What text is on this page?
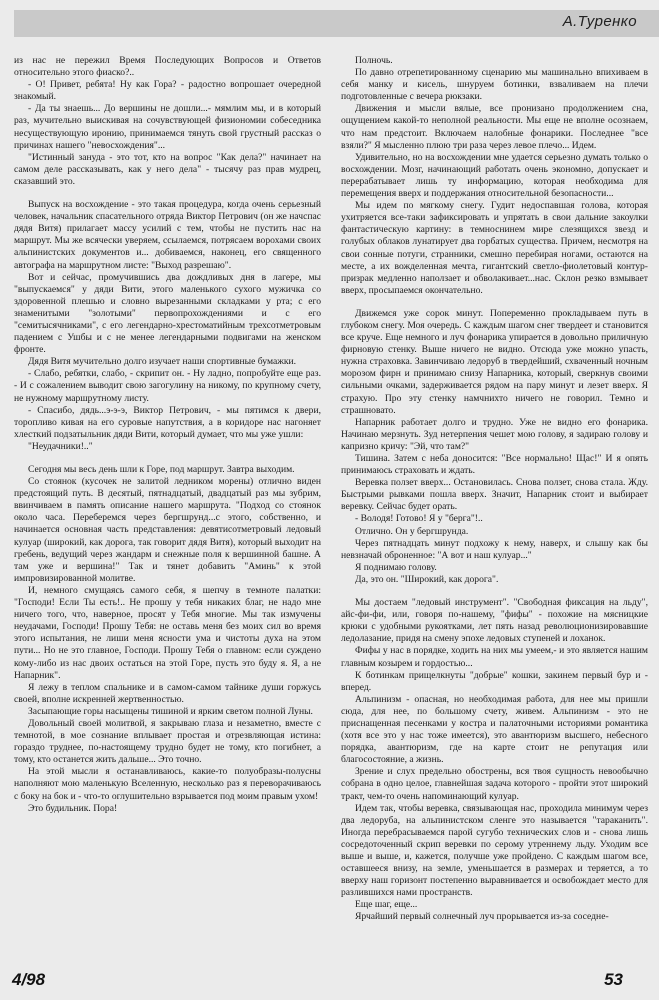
А.Туренко

из нас не пережил Время Последующих Вопросов и Ответов относительно этого фиаско?..

- О! Привет, ребята! Ну как Гора? - радостно вопрошает очередной знакомый.

- Да ты знаешь... До вершины не дошли...- мямлим мы, и в который раз, мучительно выискивая на сочувствующей физиономии собеседника несуществующую иронию, принимаемся тянуть свой грустный рассказ о причинах нашего "невосхождения"...

"Истинный зануда - это тот, кто на вопрос "Как дела?" начинает на самом деле рассказывать, как у него дела" - тысячу раз прав мудрец, сказавший это.

Выпуск на восхождение - это такая процедура, когда очень серьезный человек, начальник спасательного отряда Виктор Петрович (он же начспас дядя Витя) прилагает массу усилий с тем, чтобы не пустить нас на маршрут. Мы же всячески уверяем, ссылаемся, потрясаем ворохами своих альпинистских документов и... добиваемся, наконец, его священного автографа на маршрутном листе: "Выход разрешаю".

Вот и сейчас, промучившись два дождливых дня в лагере, мы "выпускаемся" у дяди Вити, этого маленького сухого мужичка со здоровенной плешью и словно вырезанными складками у рта; с его знаменитыми "золотыми" первопрохождениями и с его "семитысячниками", с его легендарно-хрестоматийным трехсотметровым падением с Ушбы и с не менее легендарными подвигами на женском фронте.

Дядя Витя мучительно долго изучает наши спортивные бумажки.

- Слабо, ребятки, слабо, - скрипит он. - Ну ладно, попробуйте еще раз. - И с сожалением выводит свою загогулину на никому, по крупному счету, не нужному маршрутному листу.

- Спасибо, дядь...э-э-э, Виктор Петрович, - мы пятимся к двери, торопливо кивая на его суровые напутствия, а в коридоре нас нагоняет хлесткий подзатыльник дяди Вити, который думает, что мы уже ушли:

"Неудачники!.."

Сегодня мы весь день шли к Горе, под маршрут. Завтра выходим.

Со стоянок (кусочек не залитой ледником морены) отлично виден предстоящий путь. В десятый, пятнадцатый, двадцатый раз мы зубрим, ввинчиваем в память описание нашего маршрута. "Подход со стоянок около часа. Переберемся через бергшрунд...с этого, собственно, и начинается основная часть представления: девятисотметровый ледовый кулуар (широкий, как дорога, так говорит дядя Витя), который выходит на гребень, ведущий через жандарм и снежные поля к вершинной башне. А там уже и вершина!" Так и тянет добавить "Аминь" к этой импровизированной молитве.

И, немного смущаясь самого себя, я шепчу в темноте палатки: "Господи! Если Ты есть!.. Не прошу у тебя никаких благ, не надо мне ничего того, что, наверное, просят у Тебя многие. Мы так измучены неудачами, Господи! Прошу Тебя: не оставь меня без моих сил во время этого испытания, не лиши меня ясности ума и чистоты духа на этом пути... Но не это главное, Господи. Прошу Тебя о главном: если суждено кому-либо из нас двоих остаться на этой Горе, пусть это буду я. Я, а не Напарник".

Я лежу в теплом спальнике и в самом-самом тайнике души горжусь своей, вполне искренней жертвенностью.

Засыпающие горы насыщены тишиной и ярким светом полной Луны.

Довольный своей молитвой, я закрываю глаза и незаметно, вместе с темнотой, в мое сознание вплывает простая и отрезвляющая истина: гораздо труднее, по-настоящему трудно будет не тому, кто погибнет, а тому, кто останется жить дальше... Это точно.

На этой мысли я останавливаюсь, какие-то полуобразы-полусны наполняют мою маленькую Вселенную, несколько раз я переворачиваюсь с боку на бок и - что-то оглушительно взрывается под моим правым ухом!

Это будильник. Пора!

Полночь.

По давно отрепетированному сценарию мы машинально впихиваем в себя манку и кисель, шнуруем ботинки, взваливаем на плечи подготовленные с вечера рюкзаки.

Движения и мысли вялые, все пронизано продолжением сна, ощущением какой-то неполной реальности. Мы еще не вполне осознаем, что нам предстоит. Включаем налобные фонарики. Последнее "все взяли?" Я мысленно плюю три раза через левое плечо... Идем.

Удивительно, но на восхождении мне удается серьезно думать только о восхождении. Мозг, начинающий работать очень экономно, допускает и перерабатывает лишь ту информацию, которая необходима для перемещения вверх и поддержания относительной безопасности...

Мы идем по мягкому снегу. Гудит недоспавшая голова, которая ухитряется все-таки зафиксировать и упрятать в свои дальние закоулки фантастическую картину: в темноснинем мире слезящихся звезд и голубых облаков лунатирует два горбатых существа. Причем, несмотря на свои сонные потуги, странники, смешно перебирая ногами, остаются на месте, а их вожделенная мечта, гигантский светло-фиолетовый контур-призрак медленно наползает и обволакивает...нас. Склон резко взмывает вверх, просыпаемся окончательно.

Движемся уже сорок минут. Попеременно прокладываем путь в глубоком снегу. Моя очередь. С каждым шагом снег твердеет и становится все круче. Еще немного и луч фонарика упирается в довольно приличную фирновую стенку. Выше ничего не видно. Отсюда уже можно упасть, нужна страховка. Завинчиваю ледоруб в твердейший, схваченный ночным морозом фирн и принимаю снизу Напарника, который, сверкнув своими сильными очками, задерживается рядом на пару минут и лезет вверх. Я страхую. Про эту стенку намчнихто ничего не говорил. Темно и страшновато.

Напарник работает долго и трудно. Уже не видно его фонарика. Начинаю мерзнуть. Зуд нетерпения чешет мою голову, я задираю голову и капризно кричу: "Эй, что там?"

Тишина. Затем с неба доносится: "Все нормально! Щас!" И я опять принимаюсь страховать и ждать.

Веревка ползет вверх... Остановилась. Снова ползет, снова стала. Жду. Быстрыми рывками пошла вверх. Значит, Напарник стоит и выбирает веревку. Сейчас будет орать.

- Володя! Готово! Я у "берга"!..

Отлично. Он у бергшрунда.

Через пятнадцать минут подхожу к нему, наверх, и слышу как бы невзначай оброненное: "А вот и наш кулуар..."

Я поднимаю голову.

Да, это он. "Широкий, как дорога".

Мы достаем "ледовый инструмент". "Свободная фиксация на льду", айс-фи-фи, или, говоря по-нашему, "фифы" - похожие на мясницкие крюки с удобными рукоятками, лет пять назад революционизировавшие ледолазание, придя на смену эпохе ледовых ступеней и лоханок.

Фифы у нас в порядке, ходить на них мы умеем,- и это является нашим главным козырем и гордостью...

К ботинкам прищелкнуты "добрые" кошки, закинем первый бур и - вперед.

Альпинизм - опасная, но необходимая работа, для нее мы пришли сюда, для нее, по большому счету, живем. Альпинизм - это не приснащенная песенками у костра и палаточными историями романтика (хотя все это у нас тоже имеется), это авантюризм высшего, небесного порядка, авантюризм, где на карте стоит не репутация или благосостояние, а жизнь.

Зрение и слух предельно обострены, вся твоя сущность невообычно собрана в одно целое, главнейшая задача которого - пройти этот широкий тракт, чем-то очень напоминающий кулуар.

Идем так, чтобы веревка, связывающая нас, проходила минимум через два ледоруба, на альпинистском сленге это называется "тараканить". Иногда перебрасываемся парой сугубо технических слов и - снова лишь сосредоточенный скрип веревки по серому утреннему льду. Уходим все выше и выше, и, кажется, получше уже пройдено. С каждым шагом все, оставшееся внизу, на земле, уменьшается в размерах и теряется, а то вверху наш горизонт постепенно выравнивается и освобождает место для разлившихся нами пространств.

Еще шаг, еще...

Ярчайший первый солнечный луч прорывается из-за соседне-

4/98	53
